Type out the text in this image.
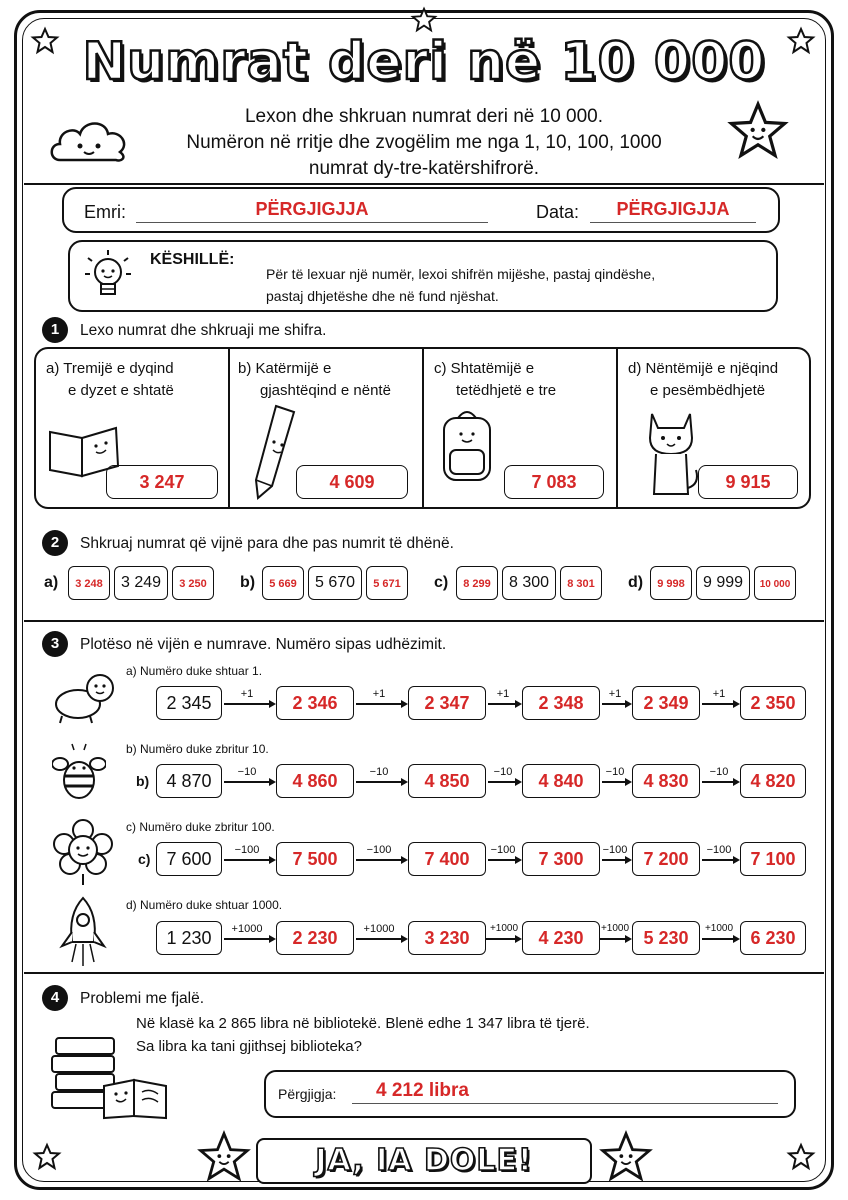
Numrat deri në 10 000
Lexon dhe shkruan numrat deri në 10 000.
Numëron në rritje dhe zvogëlim me nga 1, 10, 100, 1000
numrat dy-tre-katërshifrorë.
Emri:	PËRGJIGJJA	Data:	PËRGJIGJJA
KËSHILLË:
Për të lexuar një numër, lexoi shifrën mijëshe, pastaj qindëshe,
pastaj dhjetëshe dhe në fund njëshat.
1	Lexo numrat dhe shkruaji me shifra.
a) Tremijë e dyqind
e dyzet e shtatë
3 247
b) Katërmijë e
gjashtëqind e nëntë
4 609
c) Shtatëmijë e
tetëdhjetë e tre
7 083
d) Nëntëmijë e njëqind
e pesëmbëdhjetë
9 915
2	Shkruaj numrat që vijnë para dhe pas numrit të dhënë.
a)	3 248	3 249	3 250	b)	5 669	5 670	5 671	c)	8 299	8 300	8 301	d)	9 998	9 999	10 000
3	Plotëso në vijën e numrave. Numëro sipas udhëzimit.
a) Numëro duke shtuar 1.
2 345	+1	2 346	+1	2 347	+1	2 348	+1	2 349	+1	2 350
b) Numëro duke zbritur 10.
b) 4 870	−10	4 860	−10	4 850	−10	4 840	−10	4 830	−10	4 820
c) Numëro duke zbritur 100.
c) 7 600	−100	7 500	−100	7 400	−100	7 300	−100 7 200	−100	7 100
d) Numëro duke shtuar 1000.
1 230	+1000	2 230	+1000	3 230	+1000	4 230	+1000 5 230	+1000 6 230
4	Problemi me fjalë.
Në klasë ka 2 865 libra në bibliotekë. Blenë edhe 1 347 libra të tjerë.
Sa libra ka tani gjithsej biblioteka?
Përgjigja:	4 212 libra
JA, IA DOLE!
